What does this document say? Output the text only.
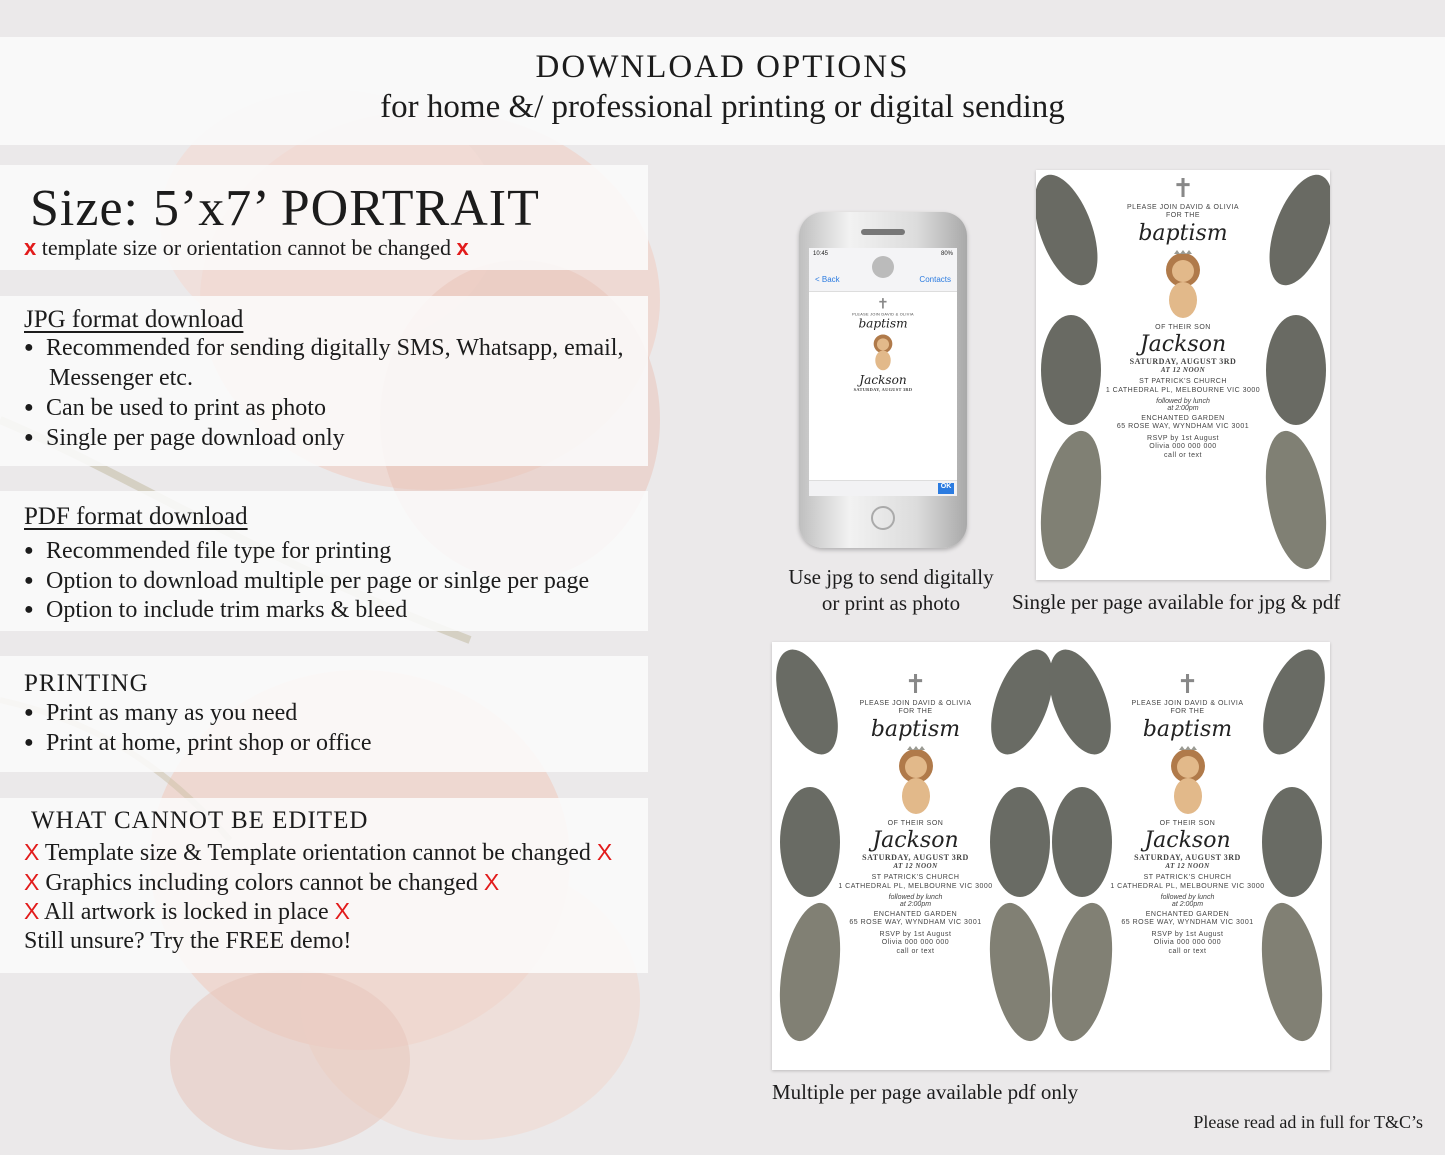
DOWNLOAD OPTIONS
for home &/ professional printing or digital sending
Size: 5’x7’ PORTRAIT
x template size or orientation cannot be changed x
JPG format download
● Recommended for sending digitally SMS, Whatsapp, email,
Messenger etc.
● Can be used to print as photo
● Single per page download only
PDF format download
● Recommended file type for printing
● Option to download multiple per page or sinlge per page
● Option to include trim marks & bleed
PRINTING
● Print as many as you need
● Print at home, print shop or office
WHAT CANNOT BE EDITED
X Template size & Template orientation cannot be changed X
X Graphics including colors cannot be changed X
X All artwork is locked in place X
Still unsure? Try the FREE demo!
10:45	80%
< Back	Contacts
✝
PLEASE JOIN DAVID & OLIVIA
baptism
Jackson
SATURDAY, AUGUST 3RD
OK
✝
PLEASE JOIN DAVID & OLIVIA
FOR THE
baptism
OF THEIR SON
Jackson
SATURDAY, AUGUST 3RD
AT 12 NOON
ST PATRICK'S CHURCH
1 CATHEDRAL PL, MELBOURNE VIC 3000
followed by lunch
at 2:00pm
ENCHANTED GARDEN
65 ROSE WAY, WYNDHAM VIC 3001
RSVP by 1st August
Olivia 000 000 000
call or text
✝
PLEASE JOIN DAVID & OLIVIA
FOR THE
baptism
OF THEIR SON
Jackson
SATURDAY, AUGUST 3RD
AT 12 NOON
ST PATRICK'S CHURCH
1 CATHEDRAL PL, MELBOURNE VIC 3000
followed by lunch
at 2:00pm
ENCHANTED GARDEN
65 ROSE WAY, WYNDHAM VIC 3001
RSVP by 1st August
Olivia 000 000 000
call or text
✝
PLEASE JOIN DAVID & OLIVIA
FOR THE
baptism
OF THEIR SON
Jackson
SATURDAY, AUGUST 3RD
AT 12 NOON
ST PATRICK'S CHURCH
1 CATHEDRAL PL, MELBOURNE VIC 3000
followed by lunch
at 2:00pm
ENCHANTED GARDEN
65 ROSE WAY, WYNDHAM VIC 3001
RSVP by 1st August
Olivia 000 000 000
call or text
Use jpg to send digitally
or print as photo	Single per page available for jpg & pdf
Multiple per page available pdf only
Please read ad in full for T&C’s
